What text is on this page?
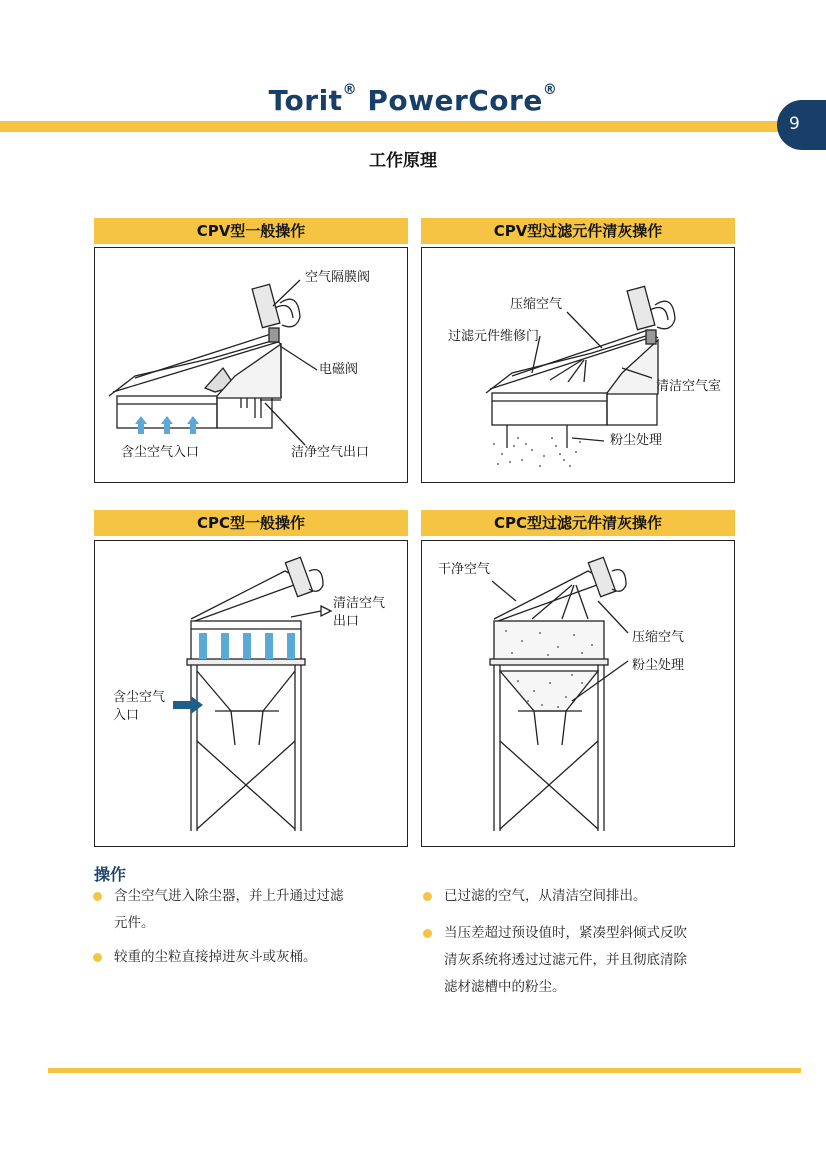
Torit® PowerCore®
9
工作原理
CPV型一般操作
空气隔膜阀
电磁阀
含尘空气入口	洁净空气出口
CPV型过滤元件清灰操作
压缩空气
过滤元件维修门
清洁空气室
粉尘处理
CPC型一般操作
清洁空气
出口
含尘空气
入口
CPC型过滤元件清灰操作
干净空气
压缩空气
粉尘处理
操作
含尘空气进入除尘器，并上升通过过滤
元件。
较重的尘粒直接掉进灰斗或灰桶。
已过滤的空气，从清洁空间排出。
当压差超过预设值时，紧凑型斜倾式反吹
清灰系统将透过过滤元件，并且彻底清除
滤材滤槽中的粉尘。
